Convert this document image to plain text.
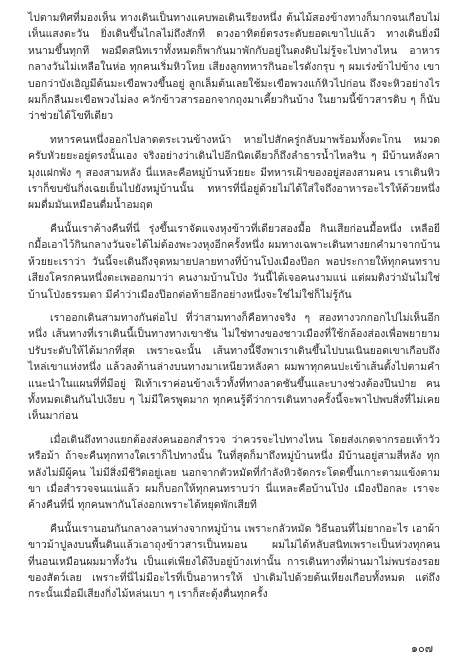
ไปตามทิศที่มองเห็น ทางเดินเป็นทางแคบพอเดินเรียงหนึ่ง ต้นไม้สองข้างทางก็มากจนเกือบไม่เห็นแสงตะวัน ยิ่งเดินขึ้นไกลไม่ถึงสักที ดวงอาทิตย์ตรงระดับยอดเขาไปแล้ว ทางเดินยิ่งมีหนามขึ้นทุกที พอมืดสนิทเราทั้งหมดก็พากันมาพักกับอยู่ในดงดิบไม่รู้จะไปทางไหน อาหารกลางวันไม่เหลือในห่อ ทุกคนเริ่มหิวโหย เสียงลูกทหารกินอะไรดังกรุบ ๆ ผมเร่งข้าไปข้าง เขาบอกว่าบังเอิญมีต้นมะเขือพวงขึ้นอยู่ ลูกเล็มต้นเลยใช้มะเขือพวงแก้หิวไปก่อน ถึงจะหิวอย่างไรผมก็กลืนมะเขือพวงไม่ลง ควักข้าวสารออกจากถุงมาเคี้ยวกินบ้าง ในยามนี้ข้าวสารดิบ ๆ ก็นับว่าช่วยได้โขทีเดียว

ทหารคนหนึ่งออกไปลาดตระเวนข้างหน้า หายไปสักครู่กลับมาพร้อมทั้งตะโกน หมวดครับหัวยยะอยู่ตรงนั้นเอง จริงอย่างว่าเดินไปอีกนิดเดียวก็ถึงลำธารน้ำไหลริน ๆ มีบ้านหลังคามุงแฝกพัง ๆ สองสามหลัง นี่แหละคือหมู่บ้านห้วยยะ มีทหารเฝ้าของอยู่สองสามคน เราเดินหิวเราก็ขบขันกิ่งเฉยเย็นไปยังหมู่บ้านนั้น ทหารที่นี่อยู่ด้วยไม่ได้ใส่ใจถึงอาหารอะไรให้ด้วยหนึ่ง ผมดื่มมันเหมือนดื่มน้ำอมฤต

คืนนั้นเราค้างคืนที่นี่ รุ่งขึ้นเราจัดแจงหุงข้าวที่เดียวสองมื้อ กินเสียก่อนมื้อหนึ่ง เหลือยีกมื้อเอาไว้กินกลางวันจะได้ไม่ต้องพะวงหุงอีกครั้งหนึ่ง ผมทางเฉพาะเดินทางยกคำมาจากบ้านห้วยยะเราว่า วันนี้จะเดินถึงจุดหมายปลายทางที่บ้านโป่งเมืองป๊อก พอประกายให้ทุกคนทราบ เสียงโครกคนหนึ่งตะเพออกมาว่า คนงามบ้านโป่ง วันนี้ได้เจอคนงามแน่ แต่ผมติงว่ามันไม่ใช่บ้านโป่งธรรมดา มีคำว่าเมืองป๊อกต่อท้ายอีกอย่างหนึ่งจะใช่ไม่ใช่ก็ไม่รู้กัน

เราออกเดินสามทางกันต่อไป ที่ว่าสามทางก็คือทางจริง ๆ สองทางวกกอกไปไม่เห็นอีกหนึ่ง เส้นทางที่เราเดินนี้เป็นทางทางเขาชัน ไม่ใช่ทางของชาวเมืองที่ใช้กล้องส่องเพื่อพยายามปรับระดับให้ได้มากที่สุด เพราะฉะนั้น เส้นทางนี้จึงพาเราเดินขึ้นไปบนเนินยอดเขาเกือบถึงไหล่เขาแห่งหนึ่ง แล้วลงด้านล่างบนทางมาเหนียวหลังคา ผมพาทุกคนปะเข้าเส้นตั้งไปตามคำแนะนำในแผนที่ที่มีอยู่ ฝีเท้าเราค่อนข้างเร็วทั้งที่ทางลาดชันขึ้นและบางช่วงต้องปีนป่าย คนทั้งหมดเดินกันไปเงียบ ๆ ไม่มีใครพูดมาก ทุกคนรู้ดีว่าการเดินทางครั้งนี้จะพาไปพบสิ่งที่ไม่เคยเห็นมาก่อน

เมื่อเดินถึงทางแยกต้องส่งคนออกสำรวจ ว่าควรจะไปทางไหน โดยส่งเกดจากรอยเท้าวัวหรือม้า ถ้าจะคืนทุกทางใดเราก็ไปทางนั้น ในที่สุดก็มาถึงหมู่บ้านหนึ่ง มีบ้านอยู่สามสี่หลัง ทุกหลังไม่มีผู้คน ไม่มีสิ่งมีชีวิตอยู่เลย นอกจากตัวหมัดที่กำลังหิวจัดกระโดดขึ้นเกาะตามแข้งตามขา เมื่อสำรวจจนแน่แล้ว ผมก็บอกให้ทุกคนทราบว่า นี่แหละคือบ้านโป่ง เมืองป๊อกละ เราจะค้างคืนที่นี่ ทุกคนพากันโล่งอกเพราะได้หยุดพักเสียที

คืนนั้นเรานอนกันกลางลานห่างจากหมู่บ้าน เพราะกลัวหมัด วิธีนอนที่ไม่ยากอะไร เอาผ้าขาวม้าปูลงบนพื้นดินแล้วเอาถุงข้าวสารเป็นหมอน ผมไม่ได้หลับสนิทเพราะเป็นห่วงทุกคนที่นอนเหมือนผมมาทั้งวัน เป็นแต่เพียงได้งีบอยู่บ้างเท่านั้น การเดินทางที่ผ่านมาไม่พบร่องรอยของสัตว์เลย เพราะที่นี่ไม่มีอะไรที่เป็นอาหารให้ ป่าเดิมไปด้วยต้นเหียงเกือบทั้งหมด แต่ถึงกระนั้นเมื่อมีเสียงกิ่งไม้หล่นเบา ๆ เราก็สะดุ้งตื่นทุกครั้ง

๑๐๗
